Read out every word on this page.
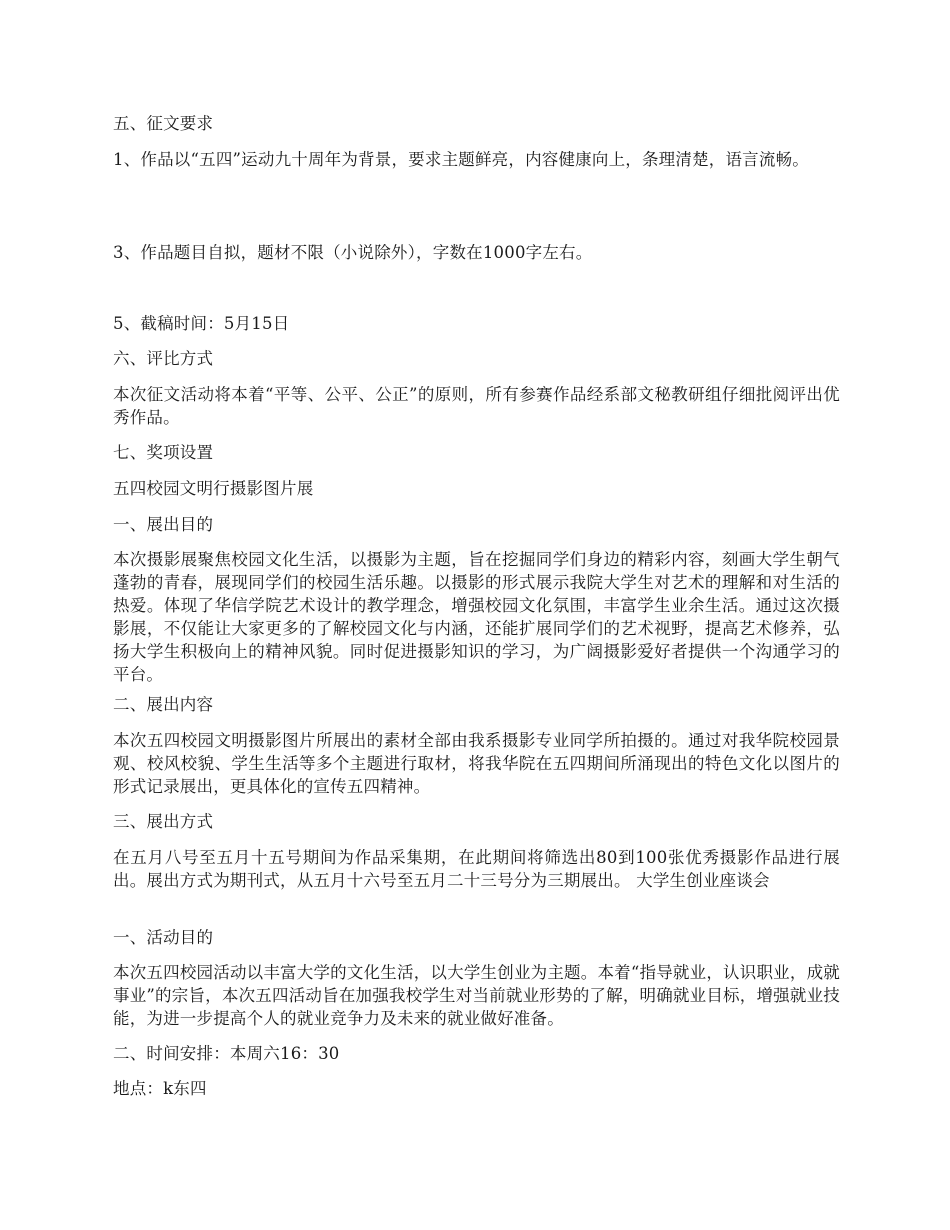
五、征文要求

1、作品以“五四”运动九十周年为背景，要求主题鲜亮，内容健康向上，条理清楚，语言流畅。

3、作品题目自拟，题材不限（小说除外），字数在1000字左右。

5、截稿时间：5月15日

六、评比方式

本次征文活动将本着“平等、公平、公正”的原则，所有参赛作品经系部文秘教研组仔细批阅评出优秀作品。

七、奖项设置

五四校园文明行摄影图片展

一、展出目的

本次摄影展聚焦校园文化生活，以摄影为主题，旨在挖掘同学们身边的精彩内容，刻画大学生朝气蓬勃的青春，展现同学们的校园生活乐趣。以摄影的形式展示我院大学生对艺术的理解和对生活的热爱。体现了华信学院艺术设计的教学理念，增强校园文化氛围，丰富学生业余生活。通过这次摄影展，不仅能让大家更多的了解校园文化与内涵，还能扩展同学们的艺术视野，提高艺术修养，弘扬大学生积极向上的精神风貌。同时促进摄影知识的学习，为广阔摄影爱好者提供一个沟通学习的平台。

二、展出内容

本次五四校园文明摄影图片所展出的素材全部由我系摄影专业同学所拍摄的。通过对我华院校园景观、校风校貌、学生生活等多个主题进行取材，将我华院在五四期间所涌现出的特色文化以图片的形式记录展出，更具体化的宣传五四精神。

三、展出方式

在五月八号至五月十五号期间为作品采集期，在此期间将筛选出80到100张优秀摄影作品进行展出。展出方式为期刊式，从五月十六号至五月二十三号分为三期展出。 大学生创业座谈会

一、活动目的

本次五四校园活动以丰富大学的文化生活，以大学生创业为主题。本着“指导就业，认识职业，成就事业”的宗旨，本次五四活动旨在加强我校学生对当前就业形势的了解，明确就业目标，增强就业技能，为进一步提高个人的就业竞争力及未来的就业做好准备。

二、时间安排：本周六16：30

地点：k东四
